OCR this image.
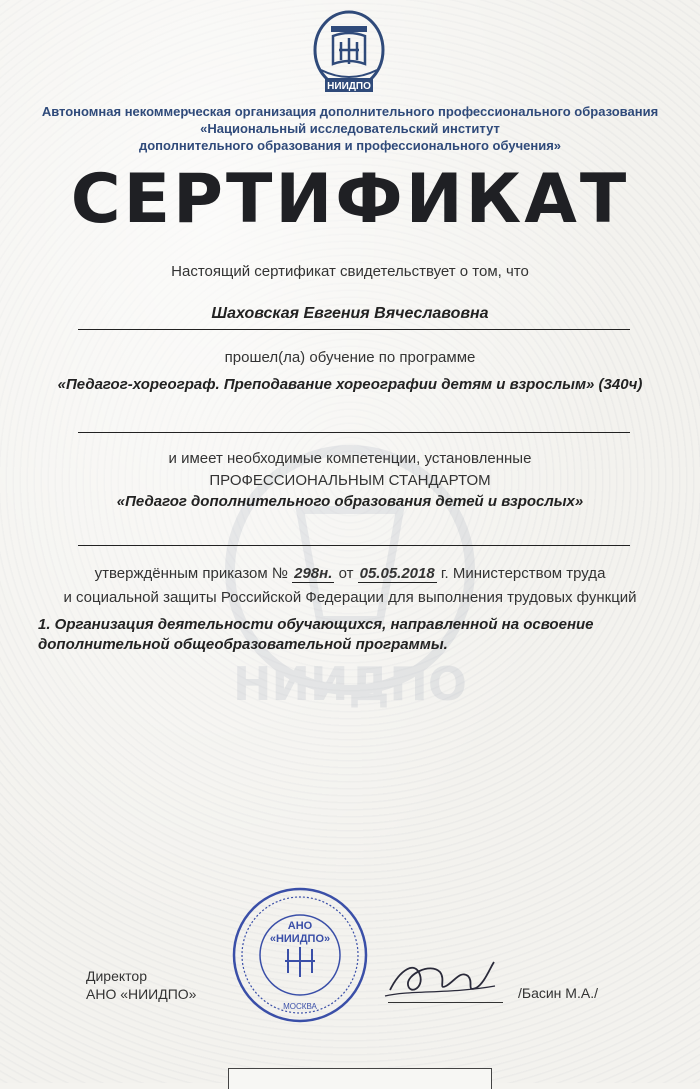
НИИДПО
НИИДПО
Автономная некоммерческая организация дополнительного профессионального образования
«Национальный исследовательский институт
дополнительного образования и профессионального обучения»
СЕРТИФИКАТ
Настоящий сертификат свидетельствует о том, что
Шаховская Евгения Вячеславовна
прошел(ла) обучение по программе
«Педагог-хореограф. Преподавание хореографии детям и взрослым» (340ч)
и имеет необходимые компетенции, установленные
ПРОФЕССИОНАЛЬНЫМ СТАНДАРТОМ
«Педагог дополнительного образования детей и взрослых»
утверждённым приказом № 298н. от 05.05.2018 г. Министерством труда
и социальной защиты Российской Федерации для выполнения трудовых функций
1. Организация деятельности обучающихся, направленной на освоение
дополнительной общеобразовательной программы.
Директор
АНО «НИИДПО»
АНО
«НИИДПО»
МОСКВА
/Басин М.А./
